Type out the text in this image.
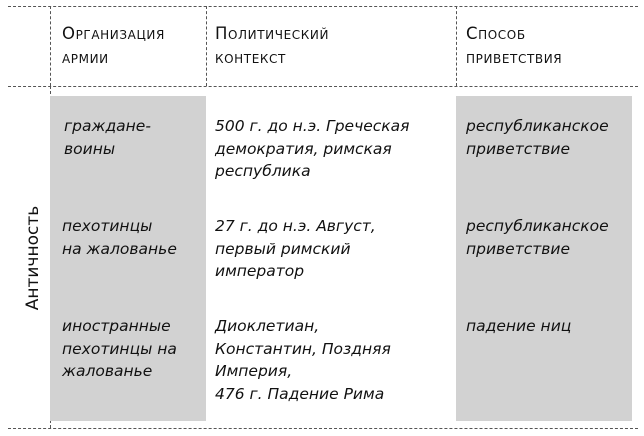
Организация
армии
Политический
контекст
Способ
приветствия
Античность
граждане-
воины
500 г. до н.э. Греческая
демократия, римская
республика
республиканское
приветствие
пехотинцы
на жалованье
27 г. до н.э. Август,
первый римский
император
республиканское
приветствие
иностранные
пехотинцы на
жалованье
Диоклетиан,
Константин, Поздняя
Империя,
476 г. Падение Рима
падение ниц
